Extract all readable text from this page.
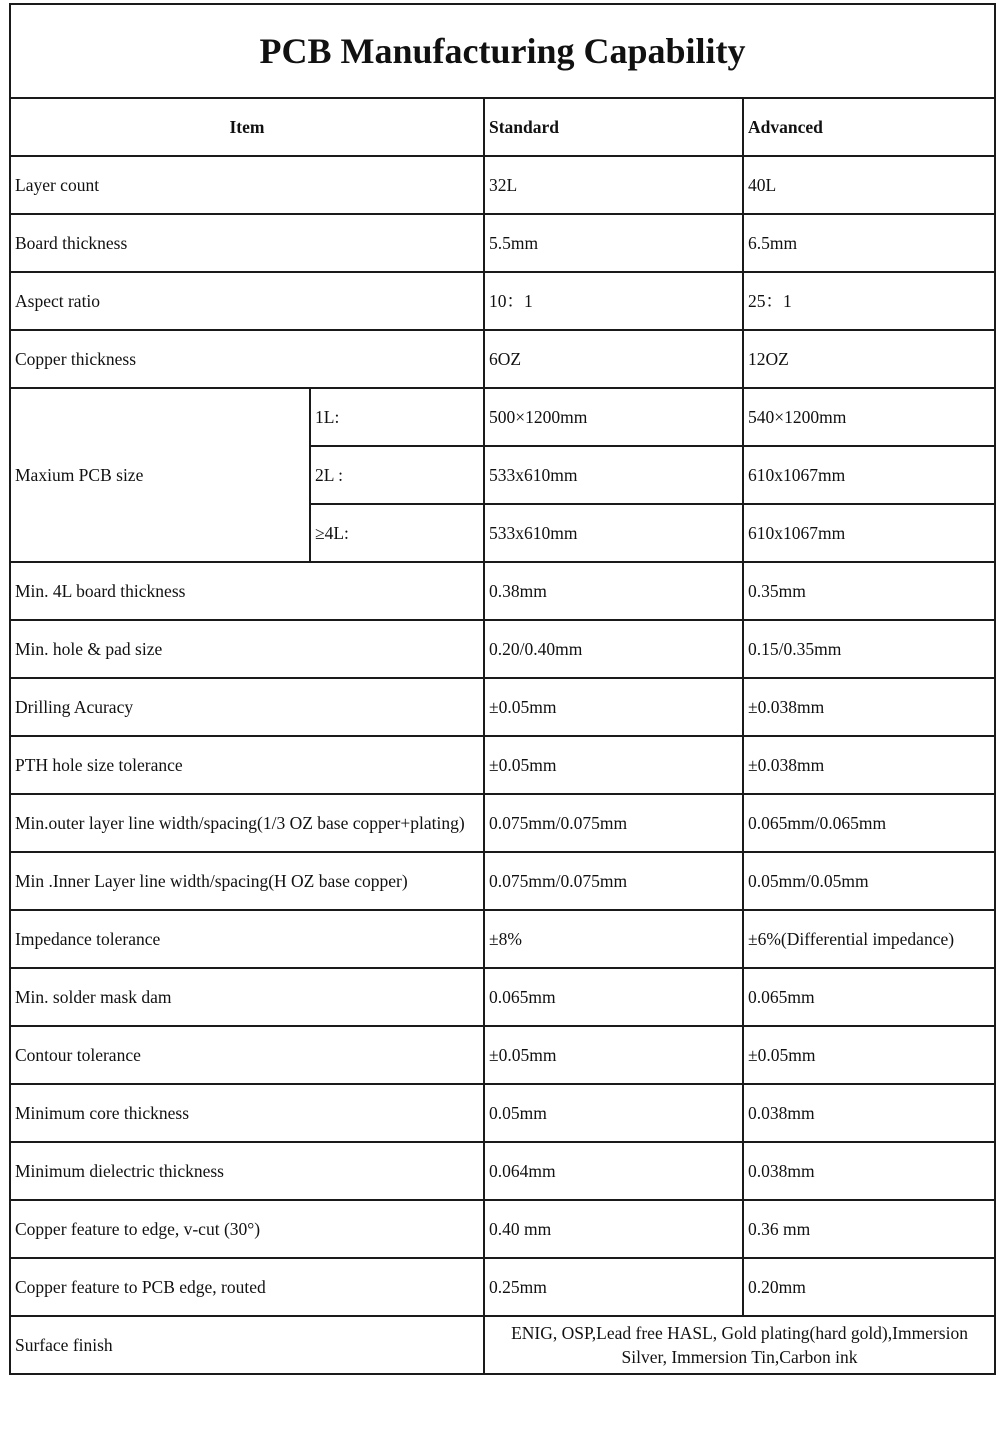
PCB Manufacturing Capability			
Item		Standard	Advanced
Layer count		32L	40L
Board thickness		5.5mm	6.5mm
Aspect ratio		10：1	25：1
Copper thickness		6OZ	12OZ
Maxium PCB size	1L:	500×1200mm	540×1200mm
	2L :	533x610mm	610x1067mm
	≥4L:	533x610mm	610x1067mm
Min. 4L board thickness		0.38mm	0.35mm
Min. hole & pad size		0.20/0.40mm	0.15/0.35mm
Drilling Acuracy		±0.05mm	±0.038mm
PTH hole size tolerance		±0.05mm	±0.038mm
Min.outer layer line width/spacing(1/3 OZ base copper+plating)		0.075mm/0.075mm	0.065mm/0.065mm
Min .Inner Layer line width/spacing(H OZ base copper)		0.075mm/0.075mm	0.05mm/0.05mm
Impedance tolerance		±8%	±6%(Differential impedance)
Min. solder mask dam		0.065mm	0.065mm
Contour tolerance		±0.05mm	±0.05mm
Minimum core thickness		0.05mm	0.038mm
Minimum dielectric thickness		0.064mm	0.038mm
Copper feature to edge, v-cut (30°)		0.40 mm	0.36 mm
Copper feature to PCB edge, routed		0.25mm	0.20mm
Surface finish		ENIG, OSP,Lead free HASL, Gold plating(hard gold),Immersion Silver, Immersion Tin,Carbon ink	
